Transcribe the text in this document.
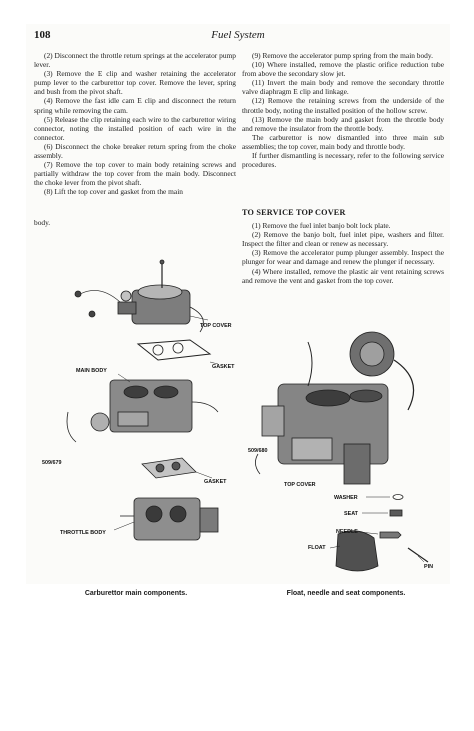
108	Fuel System

(2) Disconnect the throttle return springs at the accelerator pump lever.

(3) Remove the E clip and washer retaining the accelerator pump lever to the carburettor top cover. Remove the lever, spring and bush from the pivot shaft.

(4) Remove the fast idle cam E clip and disconnect the return spring while removing the cam.

(5) Release the clip retaining each wire to the carburettor wiring connector, noting the installed position of each wire in the connector.

(6) Disconnect the choke breaker return spring from the choke assembly.

(7) Remove the top cover to main body retaining screws and partially withdraw the top cover from the main body. Disconnect the choke lever from the pivot shaft.

(8) Lift the top cover and gasket from the main

(9) Remove the accelerator pump spring from the main body.

(10) Where installed, remove the plastic orifice reduction tube from above the secondary slow jet.

(11) Invert the main body and remove the secondary throttle valve diaphragm E clip and linkage.

(12) Remove the retaining screws from the underside of the throttle body, noting the installed position of the hollow screw.

(13) Remove the main body and gasket from the throttle body and remove the insulator from the throttle body.

The carburettor is now dismantled into three main sub assemblies; the top cover, main body and throttle body.

If further dismantling is necessary, refer to the following service procedures.

body.

TO SERVICE TOP COVER

(1) Remove the fuel inlet banjo bolt lock plate.

(2) Remove the banjo bolt, fuel inlet pipe, washers and filter. Inspect the filter and clean or renew as necessary.

(3) Remove the accelerator pump plunger assembly. Inspect the plunger for wear and damage and renew the plunger if necessary.

(4) Where installed, remove the plastic air vent retaining screws and remove the vent and gasket from the top cover.

TOP COVER
GASKET
MAIN BODY
509/679
GASKET
THROTTLE BODY
Carburettor main components.
509/680
TOP COVER
WASHER
SEAT
NEEDLE
FLOAT
PIN
Float, needle and seat components.
